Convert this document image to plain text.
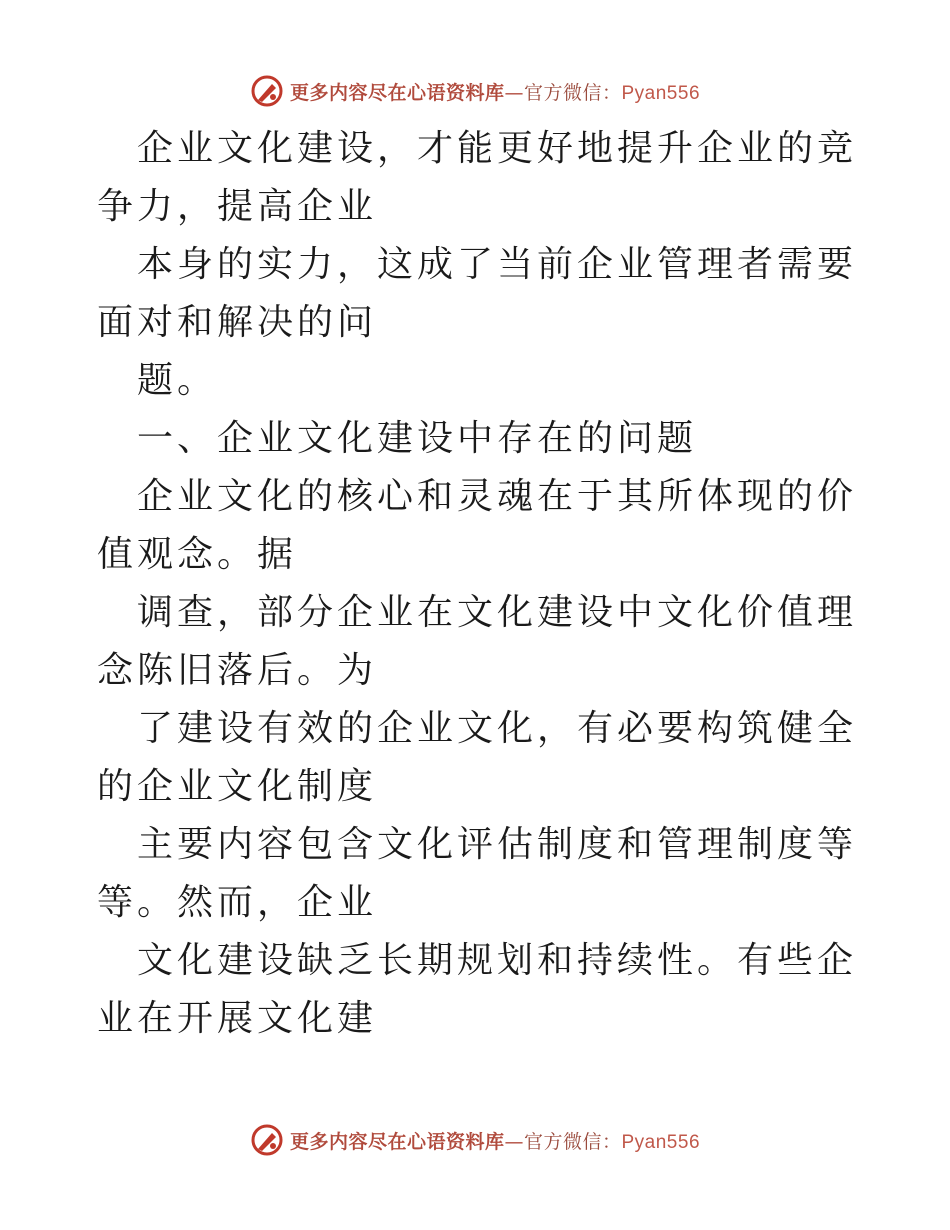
更多内容尽在心语资料库—官方微信：Pyan556

企业文化建设，才能更好地提升企业的竞争力，提高企业

本身的实力，这成了当前企业管理者需要面对和解决的问

题。

一、企业文化建设中存在的问题

企业文化的核心和灵魂在于其所体现的价值观念。据

调查，部分企业在文化建设中文化价值理念陈旧落后。为

了建设有效的企业文化，有必要构筑健全的企业文化制度

主要内容包含文化评估制度和管理制度等等。然而，企业

文化建设缺乏长期规划和持续性。有些企业在开展文化建

更多内容尽在心语资料库—官方微信：Pyan556
